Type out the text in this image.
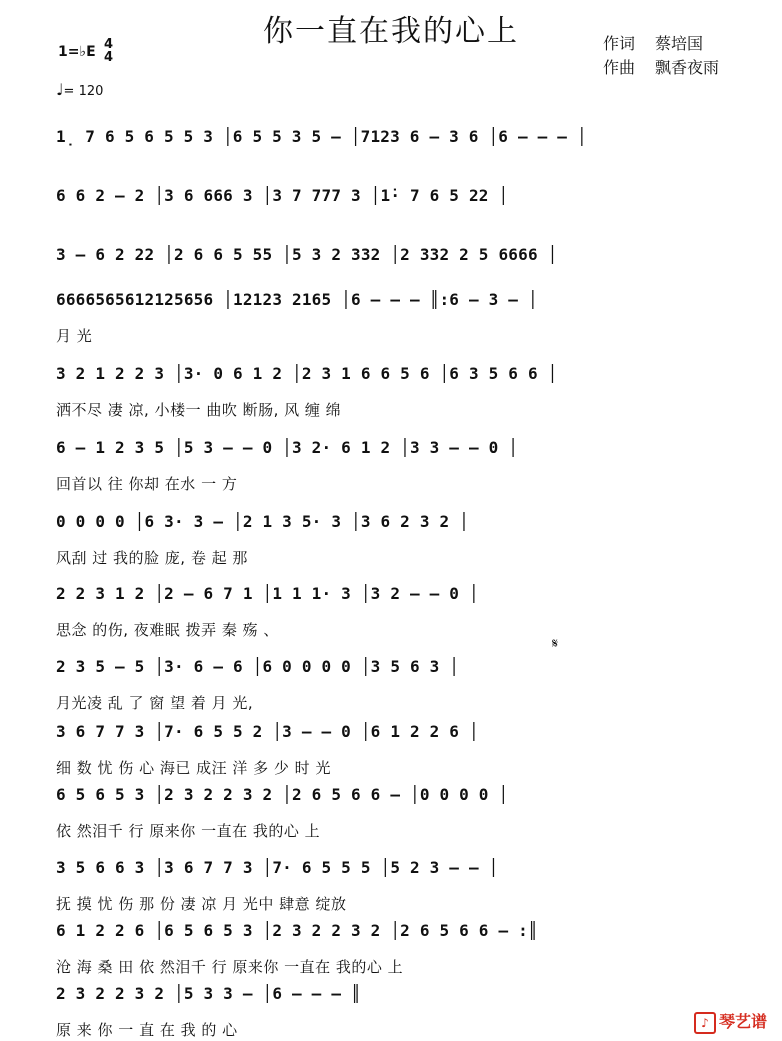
你一直在我的心上	作词 蔡培国
作曲 飘香夜雨
1=♭E 4
4
♩= 120
1̣ 7 6 5 6 5 5 3 │6 5 5 3 5 – │7123 6 – 3 6 │6 – – – │
6 6 2 – 2 │3 6 666 3 │3 7 777 3 │1̇· 7 6 5 22 │
3 – 6 2 22 │2 6 6 5 55 │5 3 2 332 │2 332 2 5 6666 │
6666565612125656 │12123 2165 │6 – – – ║:6 – 3 – │
月 光
3 2 1 2 2 3 │3· 0 6 1 2 │2 3 1 6 6 5 6 │6 3 5 6 6 │
洒不尽 凄 凉, 小楼一 曲吹 断肠, 风 缠 绵
6 – 1 2 3 5 │5 3 – – 0 │3 2· 6 1 2 │3 3 – – 0 │
回首以 往 你却 在水 一 方
0 0 0 0 │6 3· 3 – │2 1 3 5· 3 │3 6 2 3 2 │
风刮 过 我的脸 庞, 卷 起 那
2 2 3 1 2 │2 – 6 7 1 │1 1 1· 3 │3 2 – – 0 │
思念 的伤, 夜难眠 拨弄 秦 殇 、
2 3 5 – 5 │3· 6 – 6 │6 0 0 0 0 │3 5 6 3 │
月光凌 乱 了 窗 望 着 月 光,
3 6 7 7 3 │7· 6 5 5 2 │3 – – 0 │6 1 2 2 6 │
细 数 忧 伤 心 海已 成汪 洋 多 少 时 光
6 5 6 5 3 │2 3 2 2 3 2 │2 6 5 6 6 – │0 0 0 0 │
依 然泪千 行 原来你 一直在 我的心 上
3 5 6 6 3 │3 6 7 7 3 │7· 6 5 5 5 │5 2 3 – – │
抚 摸 忧 伤 那 份 凄 凉 月 光中 肆意 绽放
6 1 2 2 6 │6 5 6 5 3 │2 3 2 2 3 2 │2 6 5 6 6 – :║
沧 海 桑 田 依 然泪千 行 原来你 一直在 我的心 上
2 3 2 2 3 2 │5 3 3 – │6 – – – ║
原 来 你 一 直 在 我 的 心
𝄋
♪ 琴艺谱
